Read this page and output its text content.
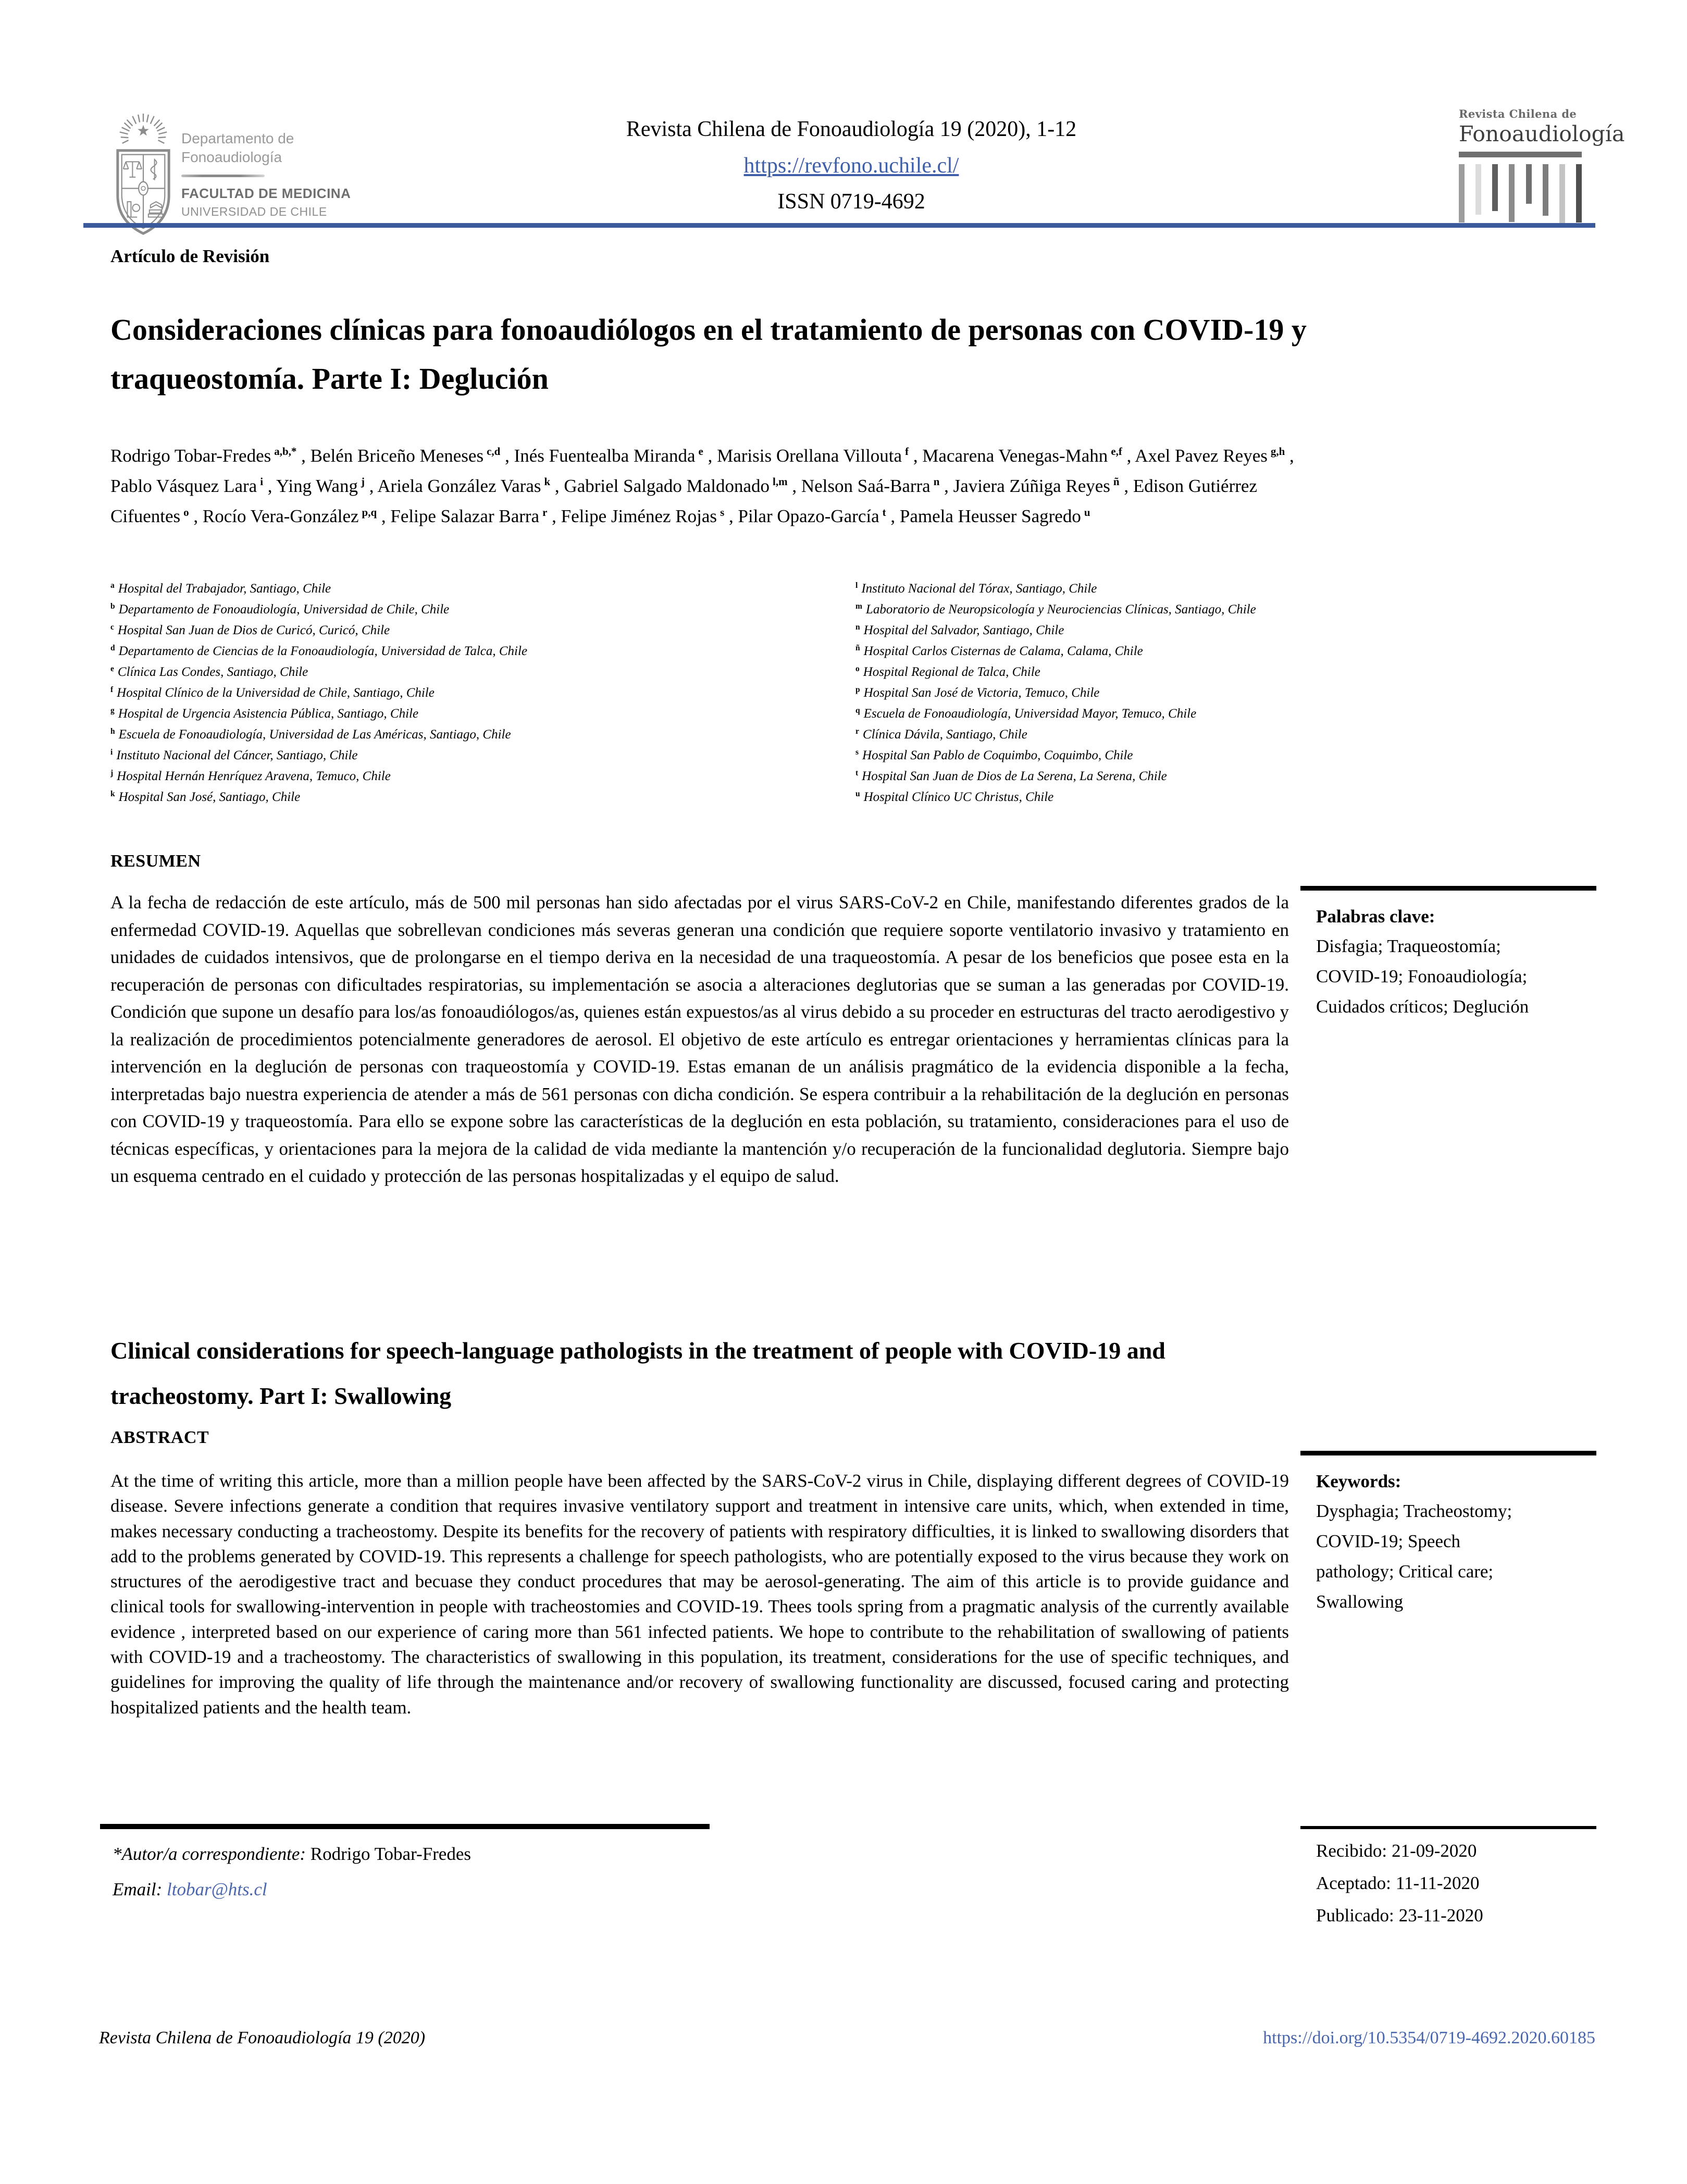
Departamento de
Fonoaudiología
FACULTAD DE MEDICINA
UNIVERSIDAD DE CHILE
Revista Chilena de Fonoaudiología 19 (2020), 1-12
https://revfono.uchile.cl/
ISSN 0719-4692
Revista Chilena de
Fonoaudiología
Artículo de Revisión
Consideraciones clínicas para fonoaudiólogos en el tratamiento de personas con COVID-19 y traqueostomía. Parte I: Deglución

Rodrigo Tobar-Fredes $^{a,b,*}$ , Belén Briceño Meneses $^{c,d}$ , Inés Fuentealba Miranda $^e$ , Marisis Orellana Villouta $^f$ , Macarena Venegas-Mahn $^{e,f}$ , Axel Pavez Reyes $^{g,h}$ , Pablo Vásquez Lara $^i$ , Ying Wang $^j$ , Ariela González Varas $^k$ , Gabriel Salgado Maldonado $^{l,m}$ , Nelson Saá-Barra $^n$ , Javiera Zúñiga Reyes $^ñ$ , Edison Gutiérrez Cifuentes $^o$ , Rocío Vera-González $^{p,q}$ , Felipe Salazar Barra $^r$ , Felipe Jiménez Rojas $^s$ , Pilar Opazo-García $^t$ , Pamela Heusser Sagredo $^u$

$^a$ Hospital del Trabajador, Santiago, Chile
$^b$ Departamento de Fonoaudiología, Universidad de Chile, Chile
$^c$ Hospital San Juan de Dios de Curicó, Curicó, Chile
$^d$ Departamento de Ciencias de la Fonoaudiología, Universidad de Talca, Chile
$^e$ Clínica Las Condes, Santiago, Chile
$^f$ Hospital Clínico de la Universidad de Chile, Santiago, Chile
$^g$ Hospital de Urgencia Asistencia Pública, Santiago, Chile
$^h$ Escuela de Fonoaudiología, Universidad de Las Américas, Santiago, Chile
$^i$ Instituto Nacional del Cáncer, Santiago, Chile
$^j$ Hospital Hernán Henríquez Aravena, Temuco, Chile
$^k$ Hospital San José, Santiago, Chile
$^l$ Instituto Nacional del Tórax, Santiago, Chile
$^m$ Laboratorio de Neuropsicología y Neurociencias Clínicas, Santiago, Chile
$^n$ Hospital del Salvador, Santiago, Chile
$^ñ$ Hospital Carlos Cisternas de Calama, Calama, Chile
$^o$ Hospital Regional de Talca, Chile
$^p$ Hospital San José de Victoria, Temuco, Chile
$^q$ Escuela de Fonoaudiología, Universidad Mayor, Temuco, Chile
$^r$ Clínica Dávila, Santiago, Chile
$^s$ Hospital San Pablo de Coquimbo, Coquimbo, Chile
$^t$ Hospital San Juan de Dios de La Serena, La Serena, Chile
$^u$ Hospital Clínico UC Christus, Chile
RESUMEN

A la fecha de redacción de este artículo, más de 500 mil personas han sido afectadas por el virus SARS-CoV-2 en Chile, manifestando diferentes grados de la enfermedad COVID-19. Aquellas que sobrellevan condiciones más severas generan una condición que requiere soporte ventilatorio invasivo y tratamiento en unidades de cuidados intensivos, que de prolongarse en el tiempo deriva en la necesidad de una traqueostomía. A pesar de los beneficios que posee esta en la recuperación de personas con dificultades respiratorias, su implementación se asocia a alteraciones deglutorias que se suman a las generadas por COVID-19. Condición que supone un desafío para los/as fonoaudiólogos/as, quienes están expuestos/as al virus debido a su proceder en estructuras del tracto aerodigestivo y la realización de procedimientos potencialmente generadores de aerosol. El objetivo de este artículo es entregar orientaciones y herramientas clínicas para la intervención en la deglución de personas con traqueostomía y COVID-19. Estas emanan de un análisis pragmático de la evidencia disponible a la fecha, interpretadas bajo nuestra experiencia de atender a más de 561 personas con dicha condición. Se espera contribuir a la rehabilitación de la deglución en personas con COVID-19 y traqueostomía. Para ello se expone sobre las características de la deglución en esta población, su tratamiento, consideraciones para el uso de técnicas específicas, y orientaciones para la mejora de la calidad de vida mediante la mantención y/o recuperación de la funcionalidad deglutoria. Siempre bajo un esquema centrado en el cuidado y protección de las personas hospitalizadas y el equipo de salud.

Palabras clave:
Disfagia; Traqueostomía; COVID-19; Fonoaudiología; Cuidados críticos; Deglución
Clinical considerations for speech-language pathologists in the treatment of people with COVID-19 and tracheostomy. Part I: Swallowing
ABSTRACT

At the time of writing this article, more than a million people have been affected by the SARS-CoV-2 virus in Chile, displaying different degrees of COVID-19 disease. Severe infections generate a condition that requires invasive ventilatory support and treatment in intensive care units, which, when extended in time, makes necessary conducting a tracheostomy. Despite its benefits for the recovery of patients with respiratory difficulties, it is linked to swallowing disorders that add to the problems generated by COVID-19. This represents a challenge for speech pathologists, who are potentially exposed to the virus because they work on structures of the aerodigestive tract and becuase they conduct procedures that may be aerosol-generating. The aim of this article is to provide guidance and clinical tools for swallowing-intervention in people with tracheostomies and COVID-19. Thees tools spring from a pragmatic analysis of the currently available evidence , interpreted based on our experience of caring more than 561 infected patients. We hope to contribute to the rehabilitation of swallowing of patients with COVID-19 and a tracheostomy. The characteristics of swallowing in this population, its treatment, considerations for the use of specific techniques, and guidelines for improving the quality of life through the maintenance and/or recovery of swallowing functionality are discussed, focused caring and protecting hospitalized patients and the health team.

Keywords:
Dysphagia; Tracheostomy; COVID-19; Speech pathology; Critical care; Swallowing
*Autor/a correspondiente: Rodrigo Tobar-Fredes
Email: ltobar@hts.cl
Recibido: 21-09-2020
Aceptado: 11-11-2020
Publicado: 23-11-2020
Revista Chilena de Fonoaudiología 19 (2020)	https://doi.org/10.5354/0719-4692.2020.60185
